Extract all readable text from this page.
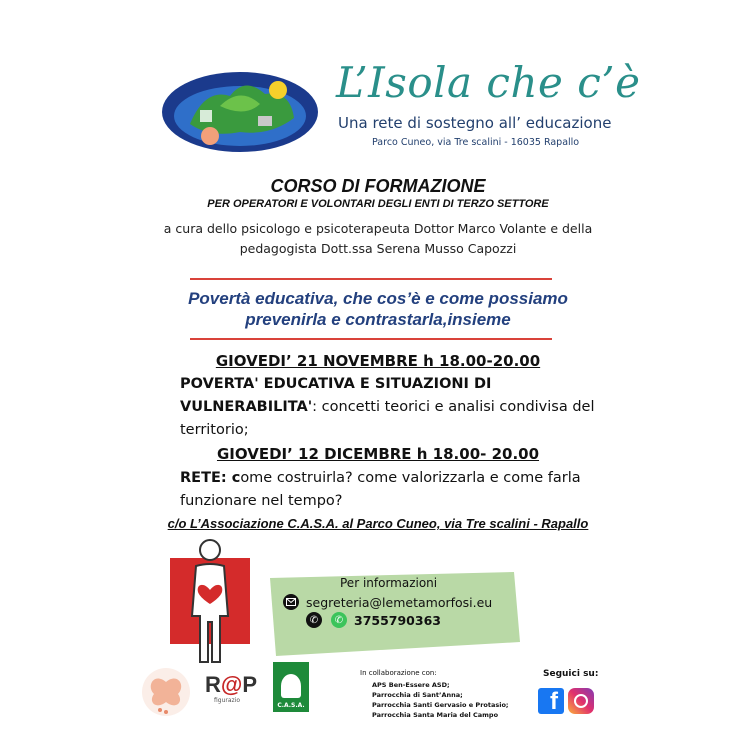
L’Isola che c’è
Una rete di sostegno all’ educazione
Parco Cuneo, via Tre scalini - 16035 Rapallo
CORSO DI FORMAZIONE
PER OPERATORI E VOLONTARI DEGLI ENTI DI TERZO SETTORE
a cura dello psicologo e psicoterapeuta Dottor Marco Volante e della
pedagogista Dott.ssa Serena Musso Capozzi
Povertà educativa, che cos’è e come possiamo
prevenirla e contrastarla,insieme
GIOVEDI’ 21 NOVEMBRE h 18.00-20.00
POVERTA' EDUCATIVA E SITUAZIONI DI
VULNERABILITA': concetti teorici e analisi condivisa del
territorio;
GIOVEDI’ 12 DICEMBRE h 18.00- 20.00
RETE: come costruirla? come valorizzarla e come farla
funzionare nel tempo?
c/o L’Associazione C.A.S.A. al Parco Cuneo, via Tre scalini - Rapallo
Per informazioni
segreteria@lemetamorfosi.eu
✆	✆ 3755790363
R@P
figurazio
C.A.S.A.
In collaborazione con:
APS Ben-Essere ASD;
Parrocchia di Sant’Anna;
Parrocchia Santi Gervasio e Protasio;
Parrocchia Santa Maria del Campo
Seguici su:
f
